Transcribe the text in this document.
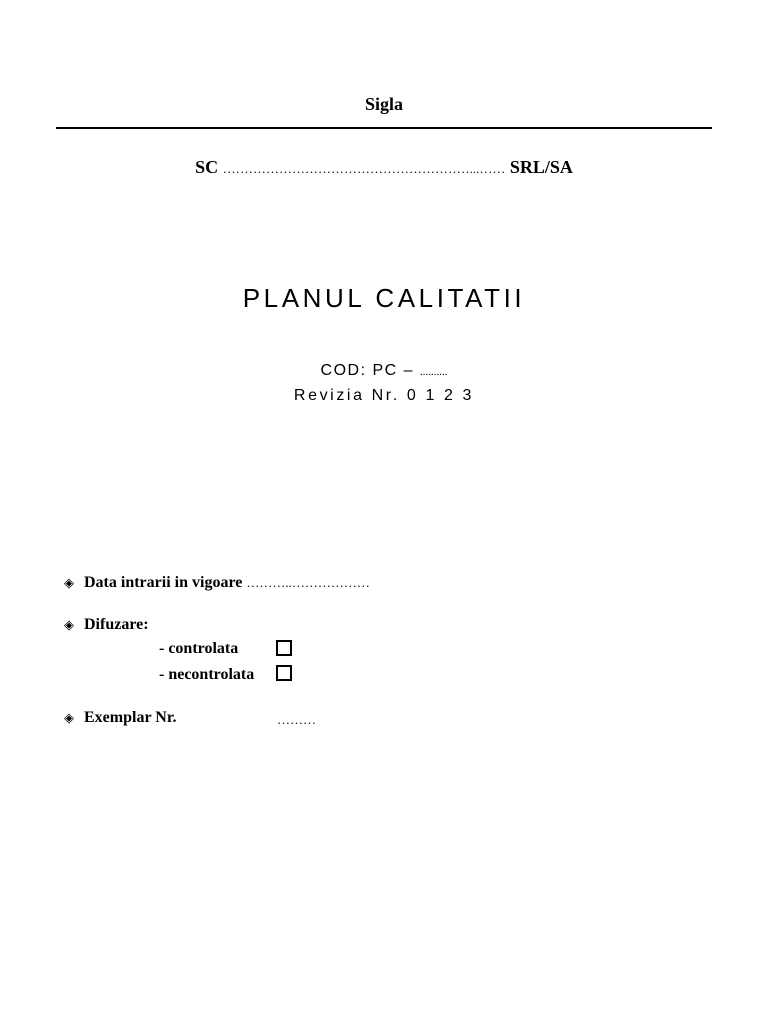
Sigla
SC …………………………………………………...…… SRL/SA
PLANUL CALITATII
COD: PC – ..........
Revizia Nr. 0 1 2 3
◈ Data intrarii in vigoare ………..………………
◈ Difuzare:
- controlata
- necontrolata
◈ Exemplar Nr.	………
